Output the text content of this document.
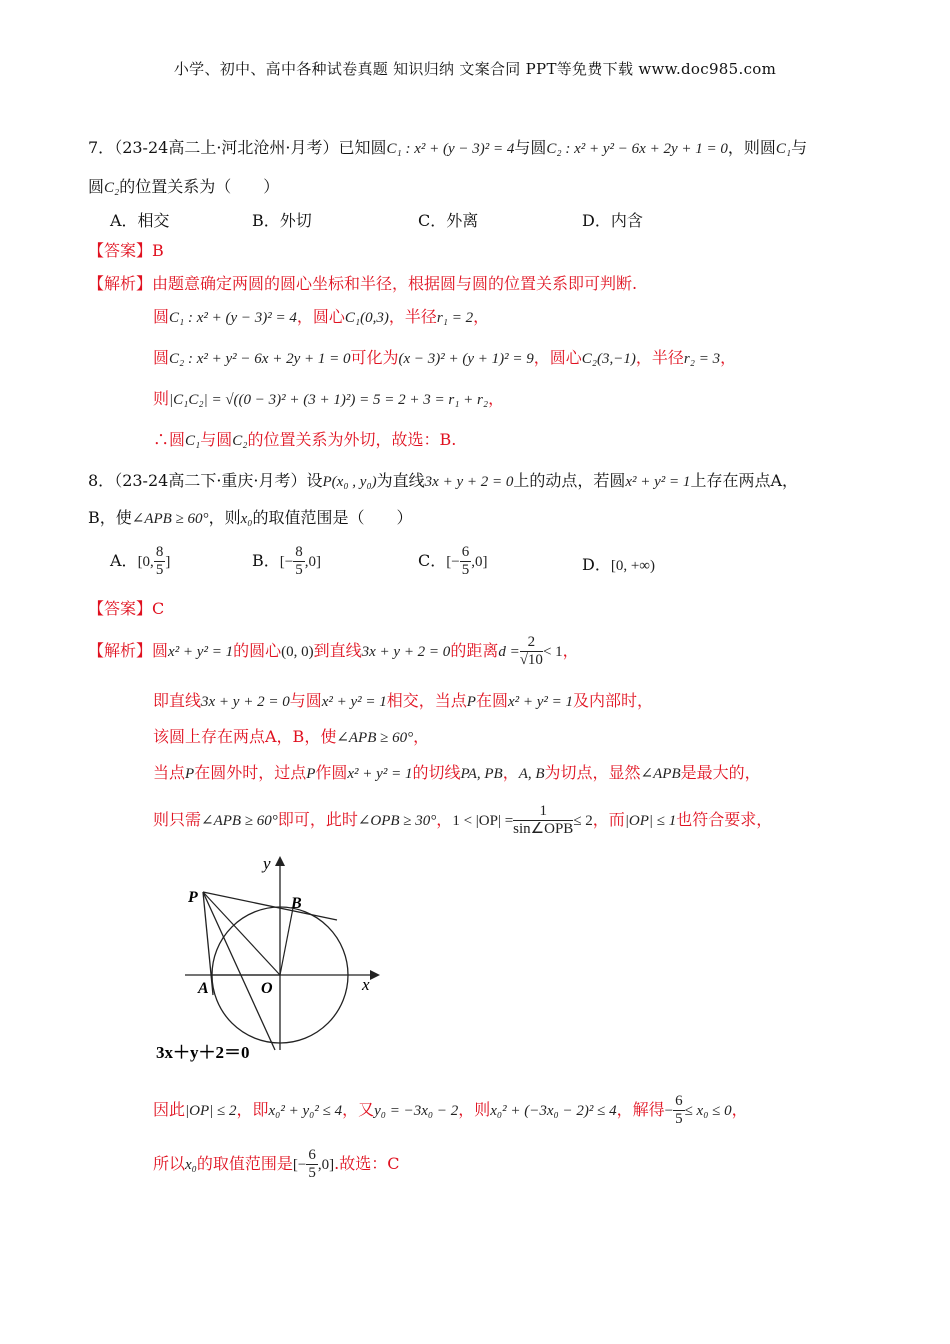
小学、初中、高中各种试卷真题 知识归纳 文案合同 PPT等免费下载 www.doc985.com
7．（23-24高二上·河北沧州·月考）已知圆C₁ : x² + (y − 3)² = 4与圆C₂ : x² + y² − 6x + 2y + 1 = 0，则圆C₁与
圆C₂的位置关系为（　　）
A．相交	B．外切	C．外离	D．内含
【答案】B
【解析】由题意确定两圆的圆心坐标和半径，根据圆与圆的位置关系即可判断.
圆C₁ : x² + (y − 3)² = 4，圆心C₁(0,3)，半径r₁ = 2，
圆C₂ : x² + y² − 6x + 2y + 1 = 0可化为(x − 3)² + (y + 1)² = 9，圆心C₂(3,−1)，半径r₂ = 3，
则|C₁C₂| = √((0 − 3)² + (3 + 1)²) = 5 = 2 + 3 = r₁ + r₂，
∴圆C₁与圆C₂的位置关系为外切，故选：B.
8．（23-24高二下·重庆·月考）设P(x₀ , y₀)为直线3x + y + 2 = 0上的动点，若圆x² + y² = 1上存在两点A，
B，使∠APB ≥ 60°，则x₀的取值范围是（　　）
A．[0, $\frac{8}{5}$ ]	B．[− $\frac{8}{5} ,0$]	C．[− $\frac{6}{5} ,0$]	D．[0, +∞)
【答案】C
【解析】圆x² + y² = 1的圆心(0, 0)到直线3x + y + 2 = 0的距离$d = \frac{2}{√10} < 1$，
即直线3x + y + 2 = 0与圆x² + y² = 1相交，当点P在圆x² + y² = 1及内部时，
该圆上存在两点A，B，使∠APB ≥ 60°，
当点P在圆外时，过点P作圆x² + y² = 1的切线PA, PB，A, B为切点，显然∠APB是最大的，
则只需∠APB ≥ 60°即可，此时∠OPB ≥ 30°，$1 < |OP| = \frac{1}{\text{sin∠OPB}} \le 2$，而|OP| ≤ 1也符合要求，
y
x
P	B
A	O
3x＋y＋2＝0
因此|OP| ≤ 2，即x₀² + y₀² ≤ 4，又y₀ = −3x₀ − 2，则x₀² + (−3x₀ − 2)² ≤ 4，解得− $\frac{6}{5} \le x_0 \le 0$，
所以x₀的取值范围是[− $\frac{6}{5} ,0$].故选：C
